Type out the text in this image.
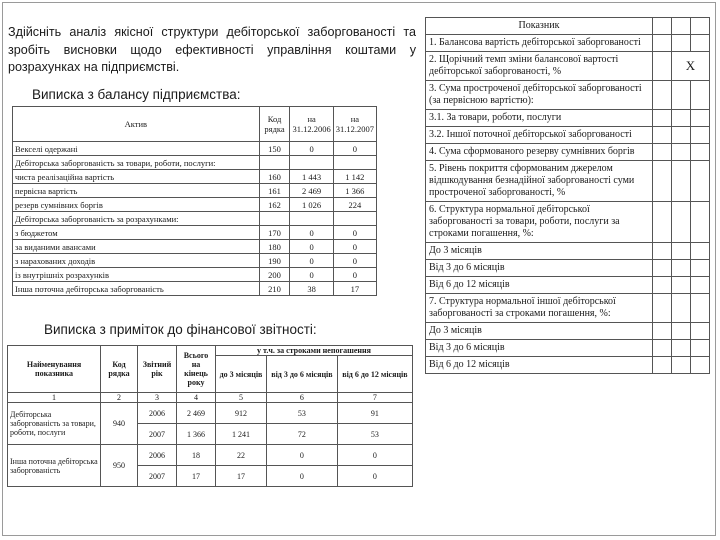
Здійсніть аналіз якісної структури дебіторської заборгованості та зробіть висновки щодо ефективності управління коштами у розрахунках на підприємстві.
Виписка з балансу підприємства:
Актив	Код рядка	на 31.12.2006	на 31.12.2007
Векселі одержані	150	0	0
Дебіторська заборгованість за товари, роботи, послуги:			
чиста реалізаційна вартість	160	1 443	1 142
первісна вартість	161	2 469	1 366
резерв сумнівних боргів	162	1 026	224
Дебіторська заборгованість за розрахунками:			
з бюджетом	170	0	0
за виданими авансами	180	0	0
з нарахованих доходів	190	0	0
із внутрішніх розрахунків	200	0	0
Інша поточна дебіторська заборгованість	210	38	17
Виписка з приміток до фінансової звітності:
Найменування показника	Код рядка	Звітний рік	Всього на кінець року	у т.ч. за строками непогашення		
				до 3 місяців	від 3 до 6 місяців	від 6 до 12 місяців
1	2	3	4	5	6	7
Дебіторська заборгованість за товари, роботи, послуги	940	2006	2 469	912	53	91
		2007	1 366	1 241	72	53
Інша поточна дебіторська заборгованість	950	2006	18	22	0	0
		2007	17	17	0	0
Показник			
1. Балансова вартість дебіторської заборгованості			
2. Щорічний темп зміни балансової вартості дебіторської заборгованості, %		Х	
3. Сума простроченої дебіторської заборгованості (за первісною вартістю):			
3.1. За товари, роботи, послуги			
3.2. Іншої поточної дебіторської заборгованості			
4. Сума сформованого резерву сумнівних боргів			
5. Рівень покриття сформованим джерелом відшкодування безнадійної заборгованості суми простроченої заборгованості, %			
6. Структура нормальної дебіторської заборгованості за товари, роботи, послуги за строками погашення, %:			
До 3 місяців			
Від 3 до 6 місяців			
Від 6 до 12 місяців			
7. Структура нормальної іншої дебіторської заборгованості за строками погашення, %:			
До 3 місяців			
Від 3 до 6 місяців			
Від 6 до 12 місяців			
